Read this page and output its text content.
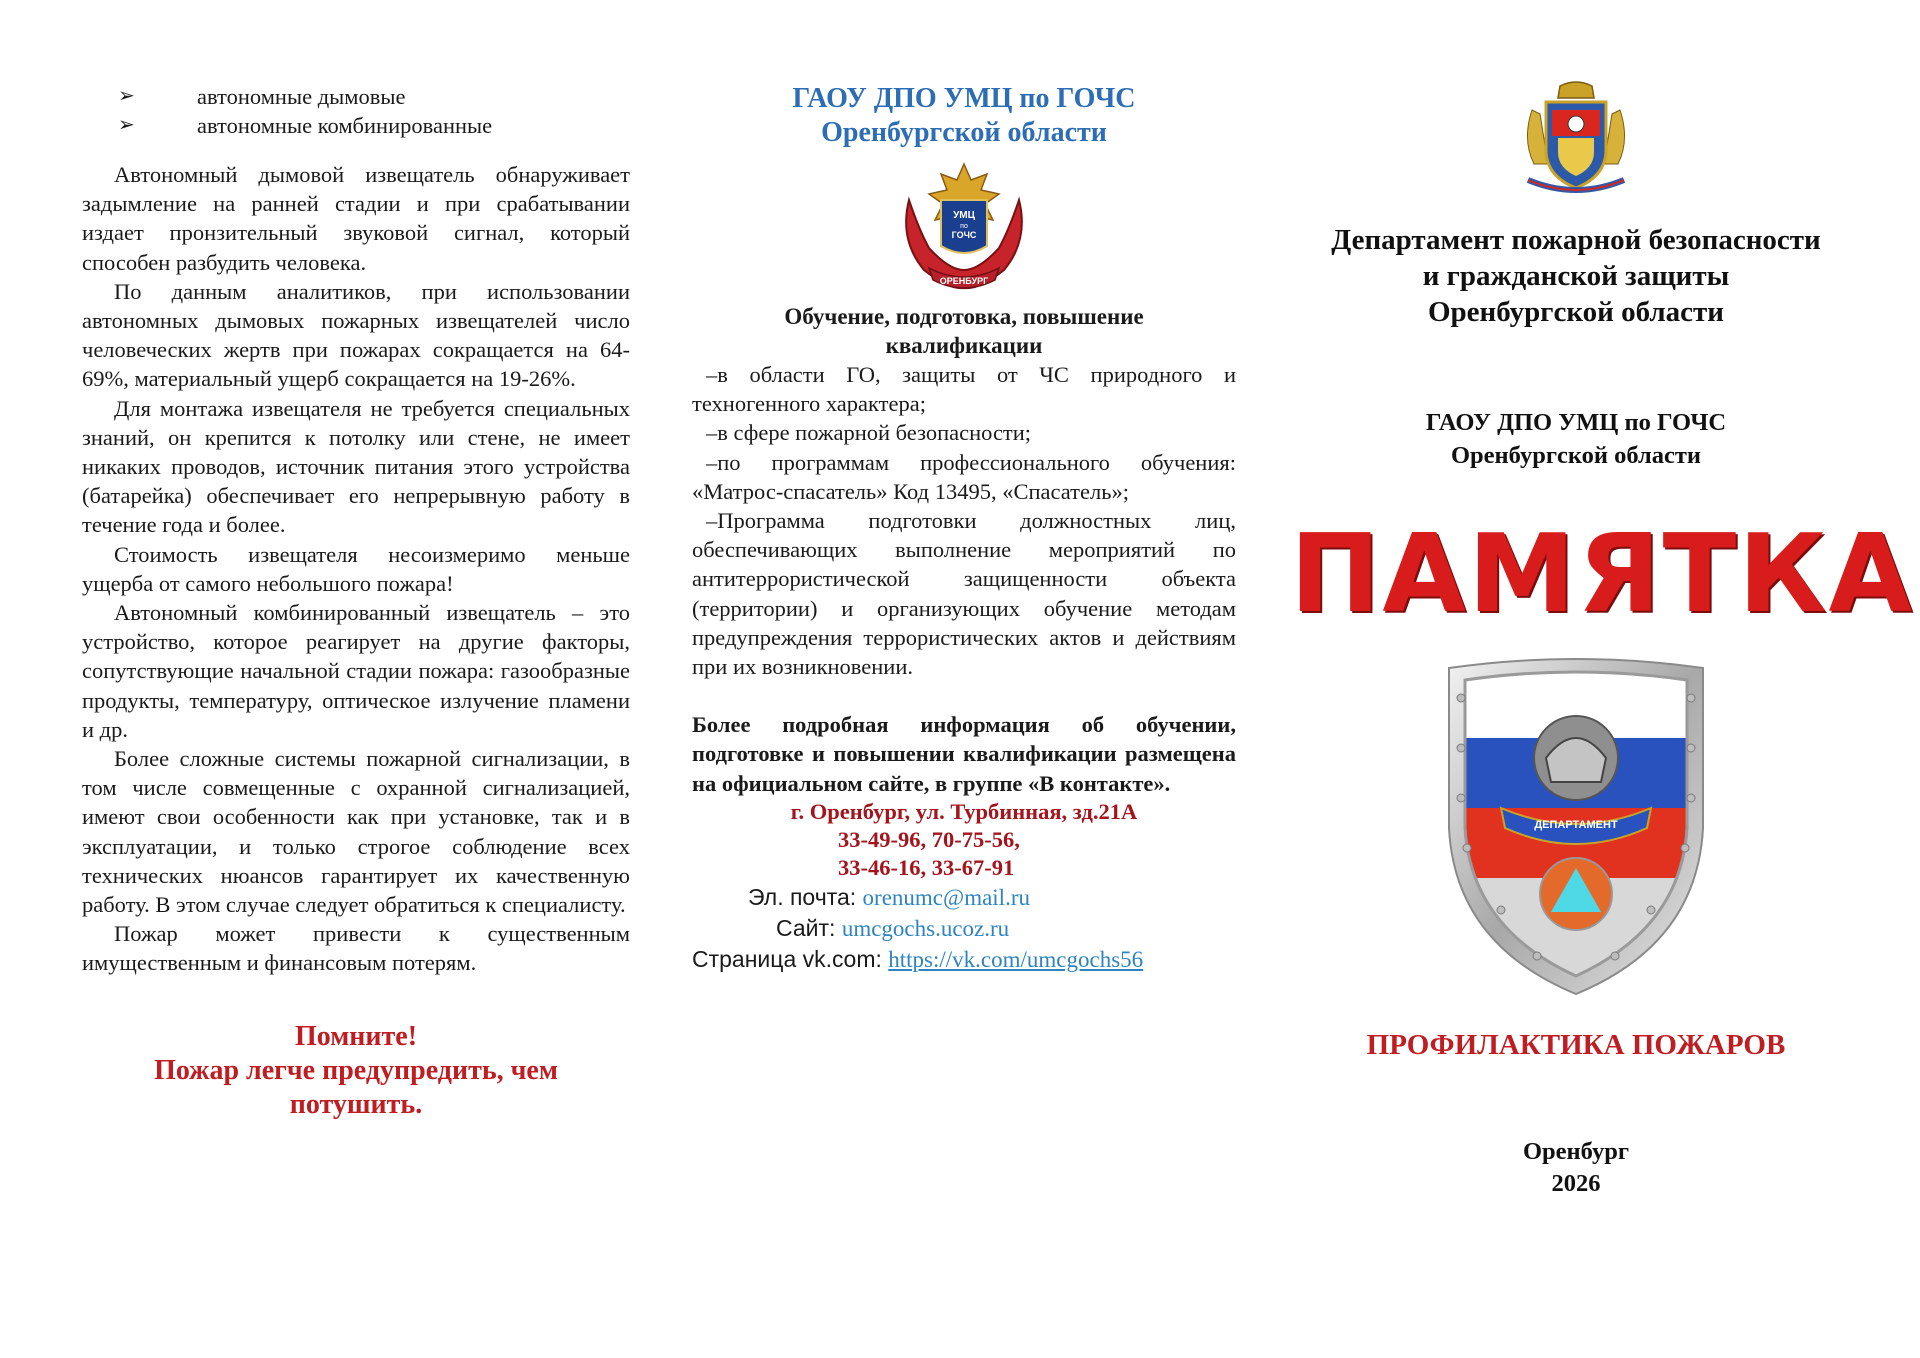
➢	автономные дымовые
➢	автономные комбинированные

Автономный дымовой извещатель обнаруживает задымление на ранней стадии и при срабатывании издает пронзительный звуковой сигнал, который способен разбудить человека.

По данным аналитиков, при использовании автономных дымовых пожарных извещателей число человеческих жертв при пожарах сокращается на 64-69%, материальный ущерб сокращается на 19-26%.

Для монтажа извещателя не требуется специальных знаний, он крепится к потолку или стене, не имеет никаких проводов, источник питания этого устройства (батарейка) обеспечивает его непрерывную работу в течение года и более.

Стоимость извещателя несоизмеримо меньше ущерба от самого небольшого пожара!

Автономный комбинированный извещатель – это устройство, которое реагирует на другие факторы, сопутствующие начальной стадии пожара: газообразные продукты, температуру, оптическое излучение пламени и др.

Более сложные системы пожарной сигнализации, в том числе совмещенные с охранной сигнализацией, имеют свои особенности как при установке, так и в эксплуатации, и только строгое соблюдение всех технических нюансов гарантирует их качественную работу. В этом случае следует обратиться к специалисту.

Пожар может привести к существенным имущественным и финансовым потерям.

Помните!
Пожар легче предупредить, чем потушить.
ГАОУ ДПО УМЦ по ГОЧС
Оренбургской области
УМЦ
по
ГОЧС
ОРЕНБУРГ
Обучение, подготовка, повышение квалификации

–в области ГО, защиты от ЧС природного и техногенного характера;

–в сфере пожарной безопасности;

–по программам профессионального обучения: «Матрос-спасатель» Код 13495, «Спасатель»;

–Программа подготовки должностных лиц, обеспечивающих выполнение мероприятий по антитеррористической защищенности объекта (территории) и организующих обучение методам предупреждения террористических актов и действиям при их возникновении.

Более подробная информация об обучении, подготовке и повышении квалификации размещена на официальном сайте, в группе «В контакте».
г. Оренбург, ул. Турбинная, зд.21А
33-49-96, 70-75-56,
33-46-16, 33-67-91
Эл. почта: orenumc@mail.ru
Сайт: umcgochs.ucoz.ru
Страница vk.com: https://vk.com/umcgochs56
Департамент пожарной безопасности
и гражданской защиты
Оренбургской области
ГАОУ ДПО УМЦ по ГОЧС
Оренбургской области
ПАМЯТКА
ДЕПАРТАМЕНТ
ПРОФИЛАКТИКА ПОЖАРОВ
Оренбург
2026
